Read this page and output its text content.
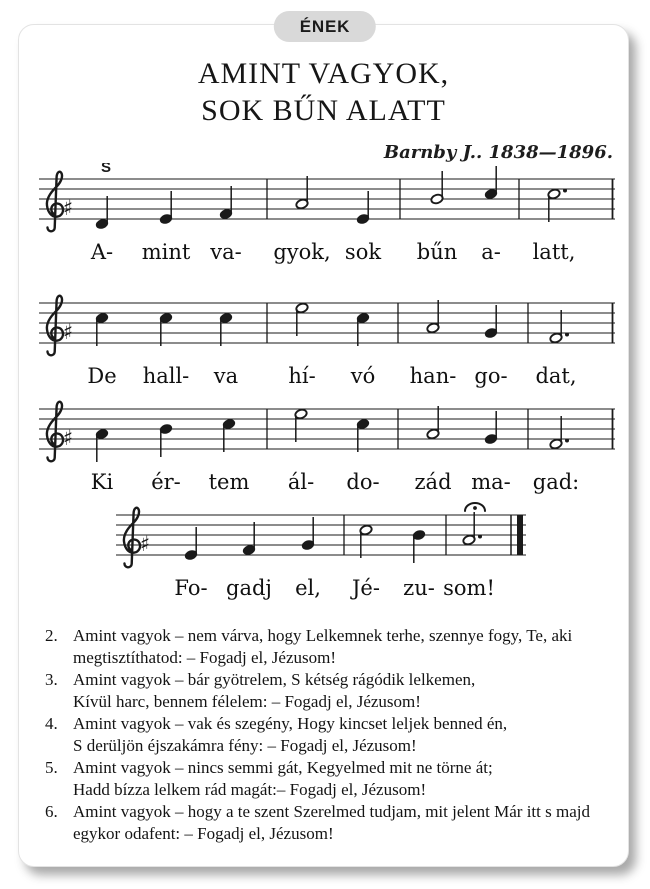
ÉNEK
AMINT VAGYOK,
SOK BŰN ALATT
Barnby J.. 1838—1896.
♯
S
A- mint va- gyok, sok bűn a- latt,
♯
De hall- va hí- vó han- go- dat,
♯
Ki ér- tem ál- do- zád ma- gad:
♯
Fo- gadj el, Jé- zu- som!
2. Amint vagyok – nem várva, hogy Lelkemnek terhe, szennye fogy, Te, aki
megtisztíthatod: – Fogadj el, Jézusom!
3. Amint vagyok – bár gyötrelem, S kétség rágódik lelkemen,
Kívül harc, bennem félelem: – Fogadj el, Jézusom!
4. Amint vagyok – vak és szegény, Hogy kincset leljek benned én,
S derüljön éjszakámra fény: – Fogadj el, Jézusom!
5. Amint vagyok – nincs semmi gát, Kegyelmed mit ne törne át;
Hadd bízza lelkem rád magát:– Fogadj el, Jézusom!
6. Amint vagyok – hogy a te szent Szerelmed tudjam, mit jelent Már itt s majd
egykor odafent: – Fogadj el, Jézusom!
